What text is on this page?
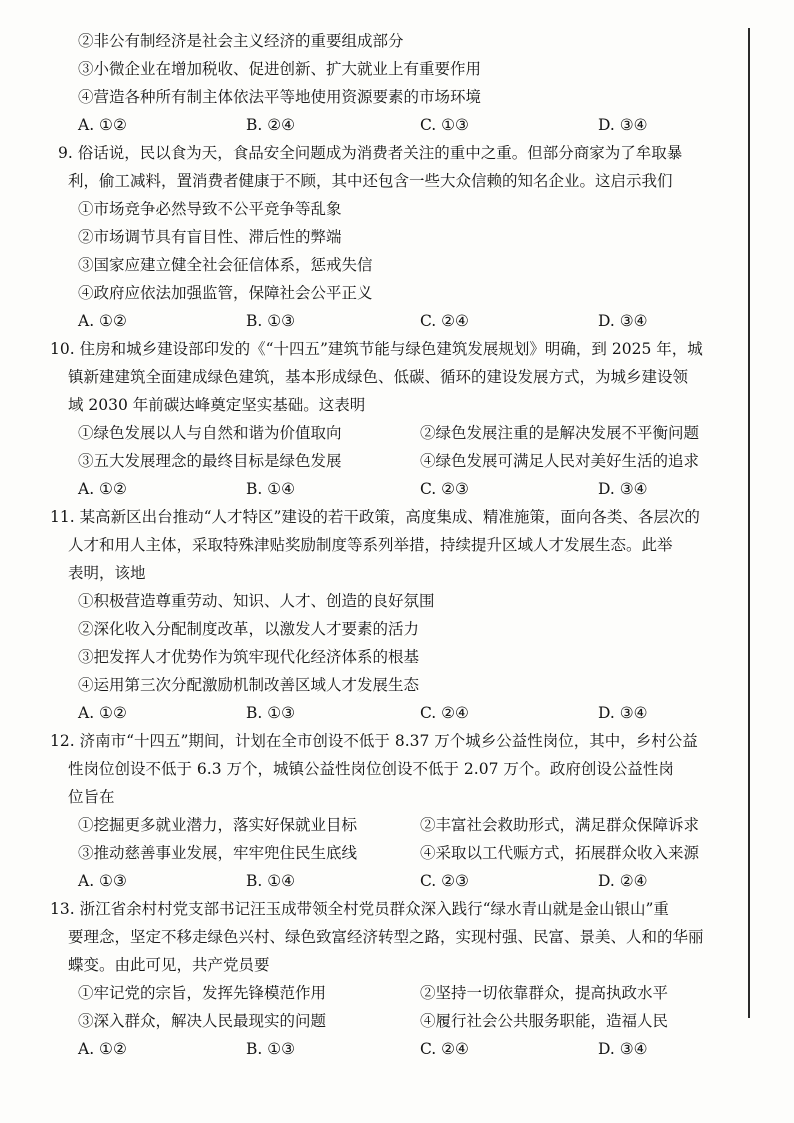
②非公有制经济是社会主义经济的重要组成部分
③小微企业在增加税收、促进创新、扩大就业上有重要作用
④营造各种所有制主体依法平等地使用资源要素的市场环境
A. ①②	B. ②④	C. ①③	D. ③④
9. 俗话说，民以食为天，食品安全问题成为消费者关注的重中之重。但部分商家为了牟取暴
利，偷工减料，置消费者健康于不顾，其中还包含一些大众信赖的知名企业。这启示我们
①市场竞争必然导致不公平竞争等乱象
②市场调节具有盲目性、滞后性的弊端
③国家应建立健全社会征信体系，惩戒失信
④政府应依法加强监管，保障社会公平正义
A. ①②	B. ①③	C. ②④	D. ③④
10. 住房和城乡建设部印发的《“十四五”建筑节能与绿色建筑发展规划》明确，到 2025 年，城
镇新建建筑全面建成绿色建筑，基本形成绿色、低碳、循环的建设发展方式，为城乡建设领
域 2030 年前碳达峰奠定坚实基础。这表明
①绿色发展以人与自然和谐为价值取向	②绿色发展注重的是解决发展不平衡问题
③五大发展理念的最终目标是绿色发展	④绿色发展可满足人民对美好生活的追求
A. ①②	B. ①④	C. ②③	D. ③④
11. 某高新区出台推动“人才特区”建设的若干政策，高度集成、精准施策，面向各类、各层次的
人才和用人主体，采取特殊津贴奖励制度等系列举措，持续提升区域人才发展生态。此举
表明，该地
①积极营造尊重劳动、知识、人才、创造的良好氛围
②深化收入分配制度改革，以激发人才要素的活力
③把发挥人才优势作为筑牢现代化经济体系的根基
④运用第三次分配激励机制改善区域人才发展生态
A. ①②	B. ①③	C. ②④	D. ③④
12. 济南市“十四五”期间，计划在全市创设不低于 8.37 万个城乡公益性岗位，其中，乡村公益
性岗位创设不低于 6.3 万个，城镇公益性岗位创设不低于 2.07 万个。政府创设公益性岗
位旨在
①挖掘更多就业潜力，落实好保就业目标	②丰富社会救助形式，满足群众保障诉求
③推动慈善事业发展，牢牢兜住民生底线	④采取以工代赈方式，拓展群众收入来源
A. ①③	B. ①④	C. ②③	D. ②④
13. 浙江省余村村党支部书记汪玉成带领全村党员群众深入践行“绿水青山就是金山银山”重
要理念，坚定不移走绿色兴村、绿色致富经济转型之路，实现村强、民富、景美、人和的华丽
蝶变。由此可见，共产党员要
①牢记党的宗旨，发挥先锋模范作用	②坚持一切依靠群众，提高执政水平
③深入群众，解决人民最现实的问题	④履行社会公共服务职能，造福人民
A. ①②	B. ①③	C. ②④	D. ③④
